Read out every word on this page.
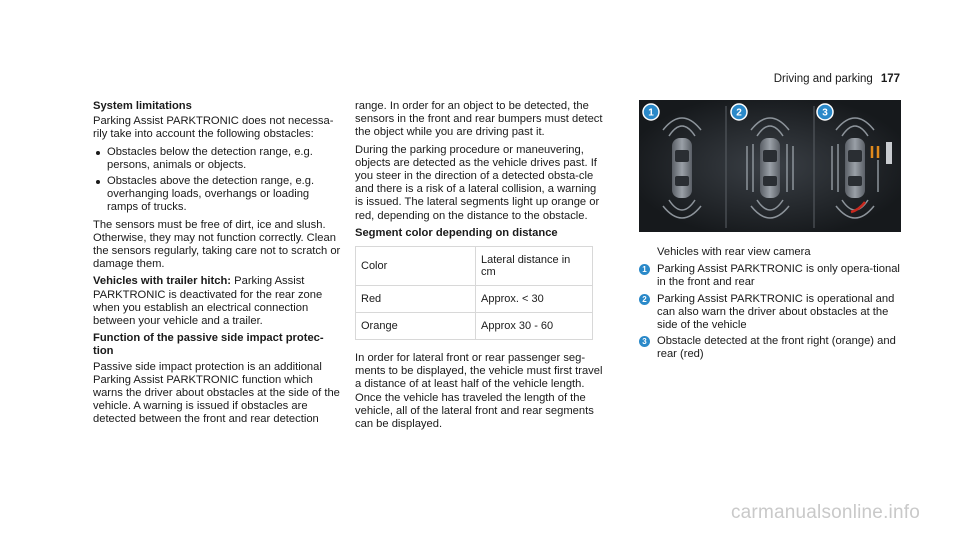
Driving and parking 177
System limitations

Parking Assist PARKTRONIC does not necessa-rily take into account the following obstacles:

Obstacles below the detection range, e.g. persons, animals or objects.
Obstacles above the detection range, e.g. overhanging loads, overhangs or loading ramps of trucks.

The sensors must be free of dirt, ice and slush. Otherwise, they may not function correctly. Clean the sensors regularly, taking care not to scratch or damage them.

Vehicles with trailer hitch: Parking Assist PARKTRONIC is deactivated for the rear zone when you establish an electrical connection between your vehicle and a trailer.

Function of the passive side impact protec-tion

Passive side impact protection is an additional Parking Assist PARKTRONIC function which warns the driver about obstacles at the side of the vehicle. A warning is issued if obstacles are detected between the front and rear detection

range. In order for an object to be detected, the sensors in the front and rear bumpers must detect the object while you are driving past it.

During the parking procedure or maneuvering, objects are detected as the vehicle drives past. If you steer in the direction of a detected obsta-cle and there is a risk of a lateral collision, a warning is issued. The lateral segments light up orange or red, depending on the distance to the obstacle.

Segment color depending on distance
Color	Lateral distance in cm
Red	Approx. < 30
Orange	Approx 30 - 60

In order for lateral front or rear passenger seg-ments to be displayed, the vehicle must first travel a distance of at least half of the vehicle length. Once the vehicle has traveled the length of the vehicle, all of the lateral front and rear segments can be displayed.

1	2	3

Vehicles with rear view camera

1 Parking Assist PARKTRONIC is only opera-tional in the front and rear
2 Parking Assist PARKTRONIC is operational and can also warn the driver about obstacles at the side of the vehicle
3 Obstacle detected at the front right (orange) and rear (red)
carmanualsonline.info
